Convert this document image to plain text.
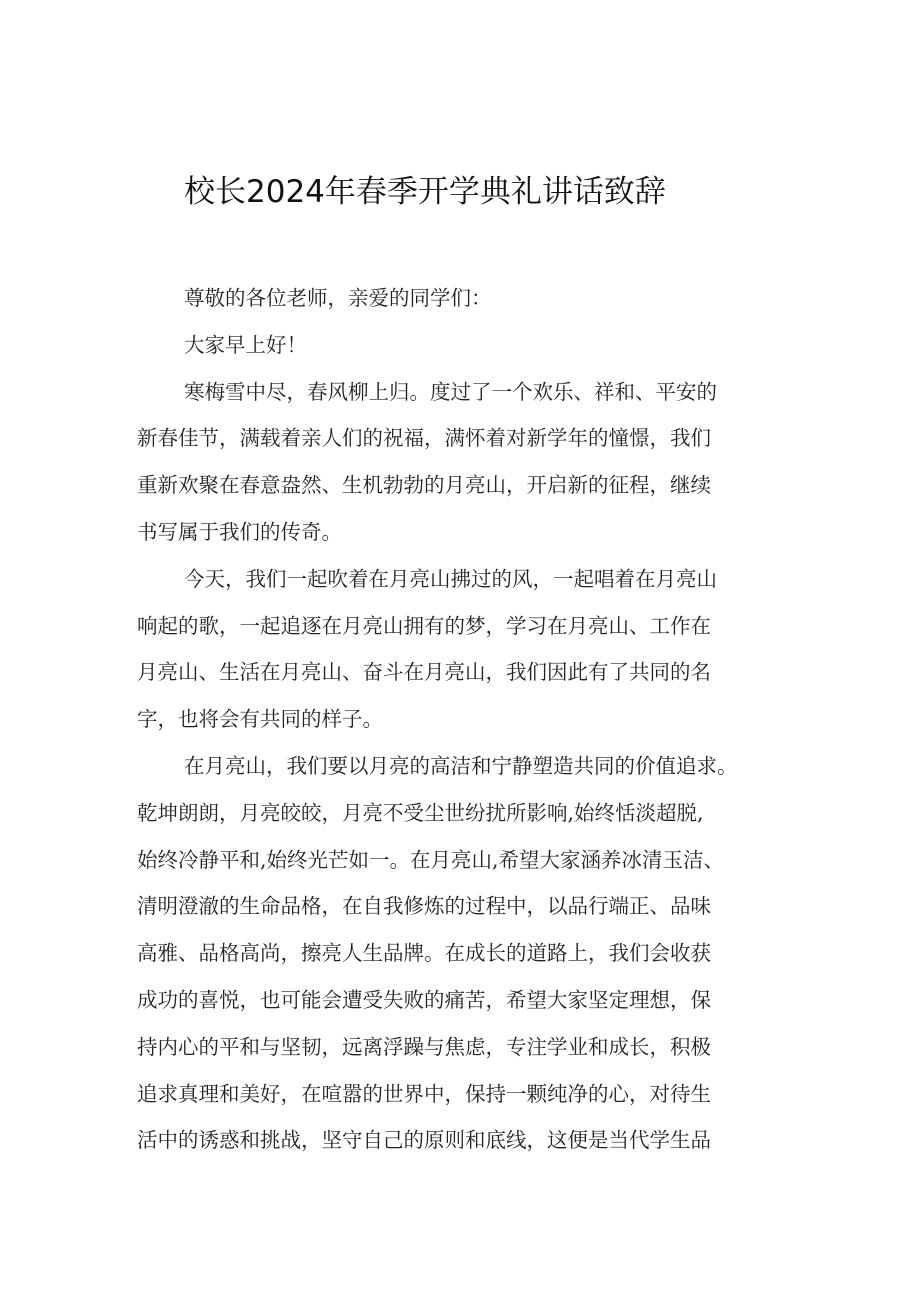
校长2024年春季开学典礼讲话致辞
尊敬的各位老师，亲爱的同学们：
大家早上好！
寒梅雪中尽，春风柳上归。度过了一个欢乐、祥和、平安的
新春佳节，满载着亲人们的祝福，满怀着对新学年的憧憬，我们
重新欢聚在春意盎然、生机勃勃的月亮山，开启新的征程，继续
书写属于我们的传奇。
今天，我们一起吹着在月亮山拂过的风，一起唱着在月亮山
响起的歌，一起追逐在月亮山拥有的梦，学习在月亮山、工作在
月亮山、生活在月亮山、奋斗在月亮山，我们因此有了共同的名
字，也将会有共同的样子。
在月亮山，我们要以月亮的高洁和宁静塑造共同的价值追求。
乾坤朗朗，月亮皎皎，月亮不受尘世纷扰所影响,始终恬淡超脱,
始终冷静平和,始终光芒如一。在月亮山,希望大家涵养冰清玉洁、
清明澄澈的生命品格，在自我修炼的过程中，以品行端正、品味
高雅、品格高尚，擦亮人生品牌。在成长的道路上，我们会收获
成功的喜悦，也可能会遭受失败的痛苦，希望大家坚定理想，保
持内心的平和与坚韧，远离浮躁与焦虑，专注学业和成长，积极
追求真理和美好，在喧嚣的世界中，保持一颗纯净的心，对待生
活中的诱惑和挑战，坚守自己的原则和底线，这便是当代学生品
